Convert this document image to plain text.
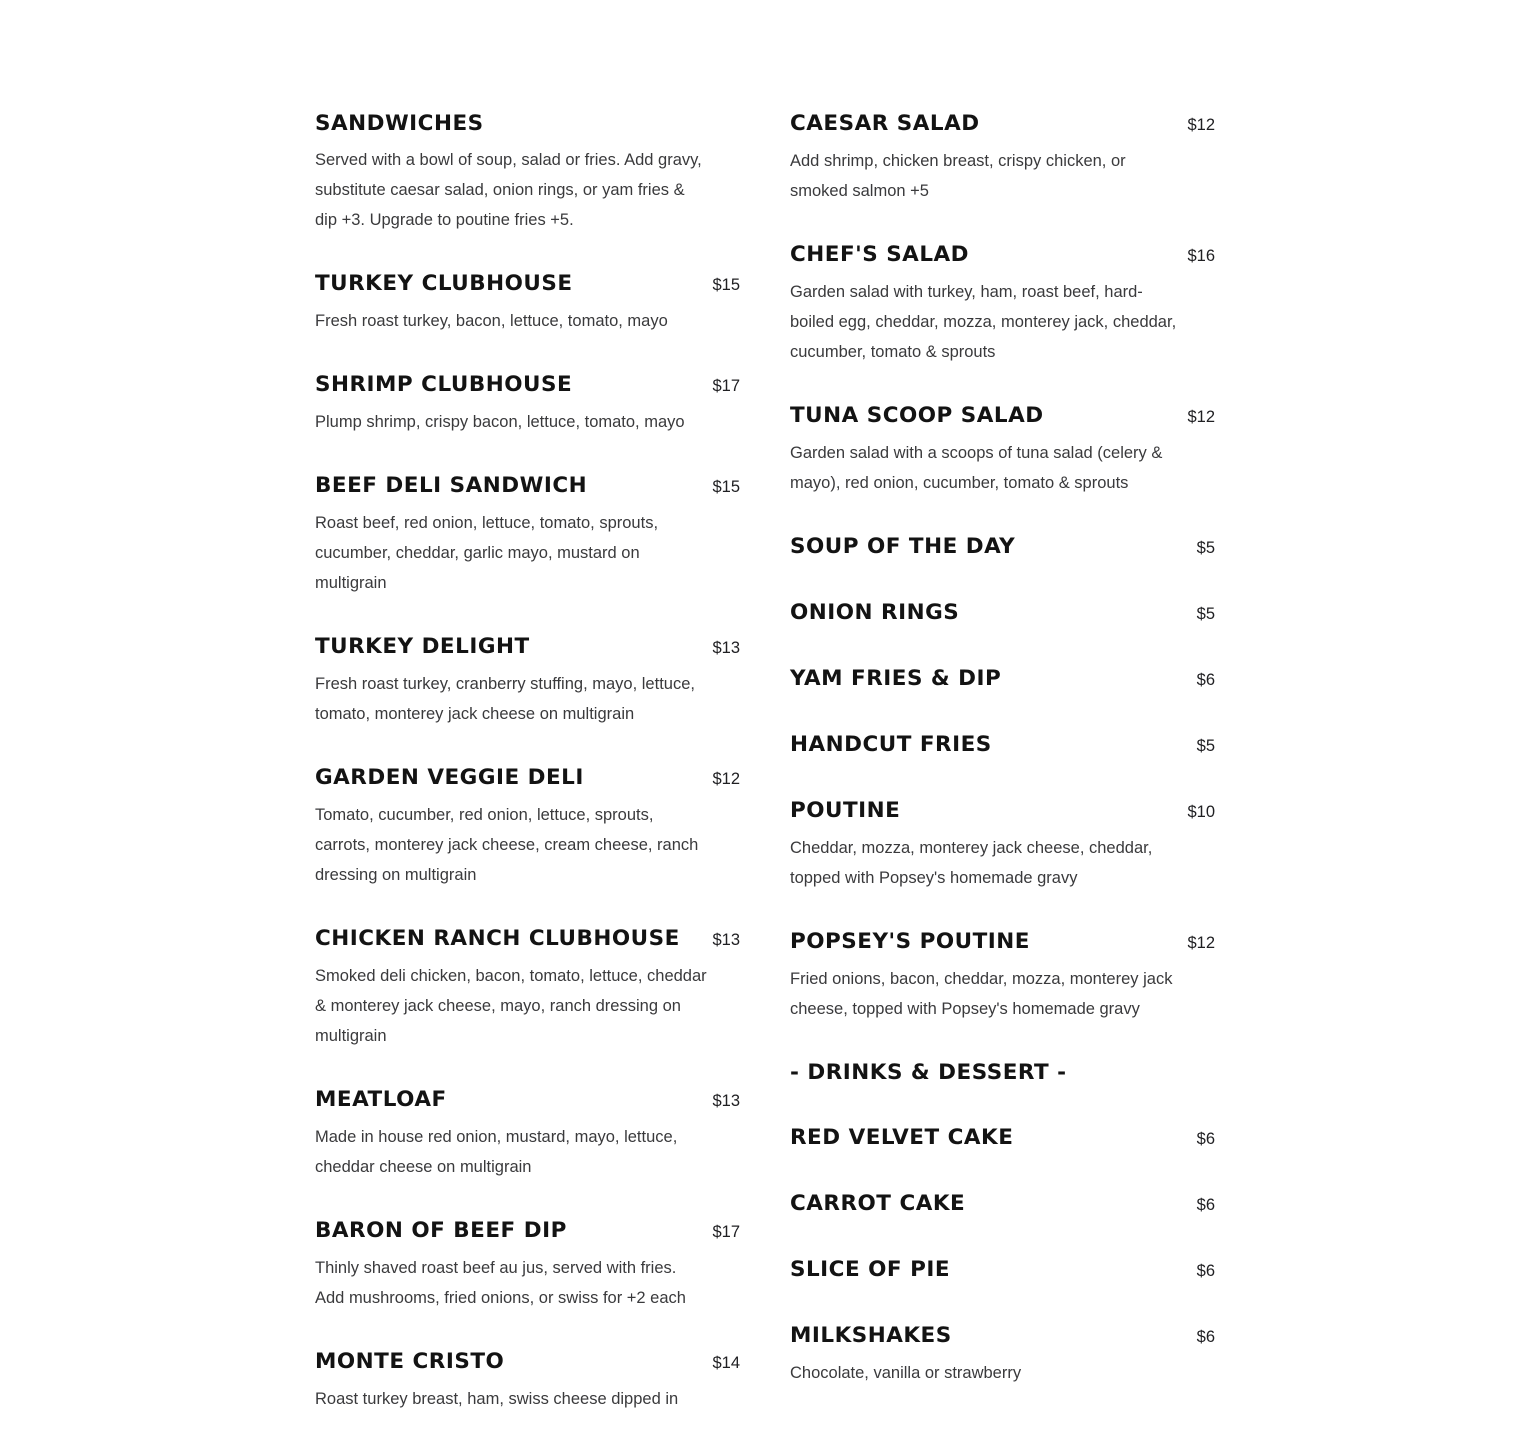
SANDWICHES
Served with a bowl of soup, salad or fries. Add gravy, substitute caesar salad, onion rings, or yam fries & dip +3. Upgrade to poutine fries +5.
TURKEY CLUBHOUSE	$15
Fresh roast turkey, bacon, lettuce, tomato, mayo
SHRIMP CLUBHOUSE	$17
Plump shrimp, crispy bacon, lettuce, tomato, mayo
BEEF DELI SANDWICH	$15
Roast beef, red onion, lettuce, tomato, sprouts, cucumber, cheddar, garlic mayo, mustard on multigrain
TURKEY DELIGHT	$13
Fresh roast turkey, cranberry stuffing, mayo, lettuce, tomato, monterey jack cheese on multigrain
GARDEN VEGGIE DELI	$12
Tomato, cucumber, red onion, lettuce, sprouts, carrots, monterey jack cheese, cream cheese, ranch dressing on multigrain
CHICKEN RANCH CLUBHOUSE	$13
Smoked deli chicken, bacon, tomato, lettuce, cheddar & monterey jack cheese, mayo, ranch dressing on multigrain
MEATLOAF	$13
Made in house red onion, mustard, mayo, lettuce, cheddar cheese on multigrain
BARON OF BEEF DIP	$17
Thinly shaved roast beef au jus, served with fries. Add mushrooms, fried onions, or swiss for +2 each
MONTE CRISTO	$14
Roast turkey breast, ham, swiss cheese dipped in
CAESAR SALAD	$12
Add shrimp, chicken breast, crispy chicken, or smoked salmon +5
CHEF'S SALAD	$16
Garden salad with turkey, ham, roast beef, hard-boiled egg, cheddar, mozza, monterey jack, cheddar, cucumber, tomato & sprouts
TUNA SCOOP SALAD	$12
Garden salad with a scoops of tuna salad (celery & mayo), red onion, cucumber, tomato & sprouts
SOUP OF THE DAY	$5
ONION RINGS	$5
YAM FRIES & DIP	$6
HANDCUT FRIES	$5
POUTINE	$10
Cheddar, mozza, monterey jack cheese, cheddar, topped with Popsey's homemade gravy
POPSEY'S POUTINE	$12
Fried onions, bacon, cheddar, mozza, monterey jack cheese, topped with Popsey's homemade gravy
- DRINKS & DESSERT -
RED VELVET CAKE	$6
CARROT CAKE	$6
SLICE OF PIE	$6
MILKSHAKES	$6
Chocolate, vanilla or strawberry
